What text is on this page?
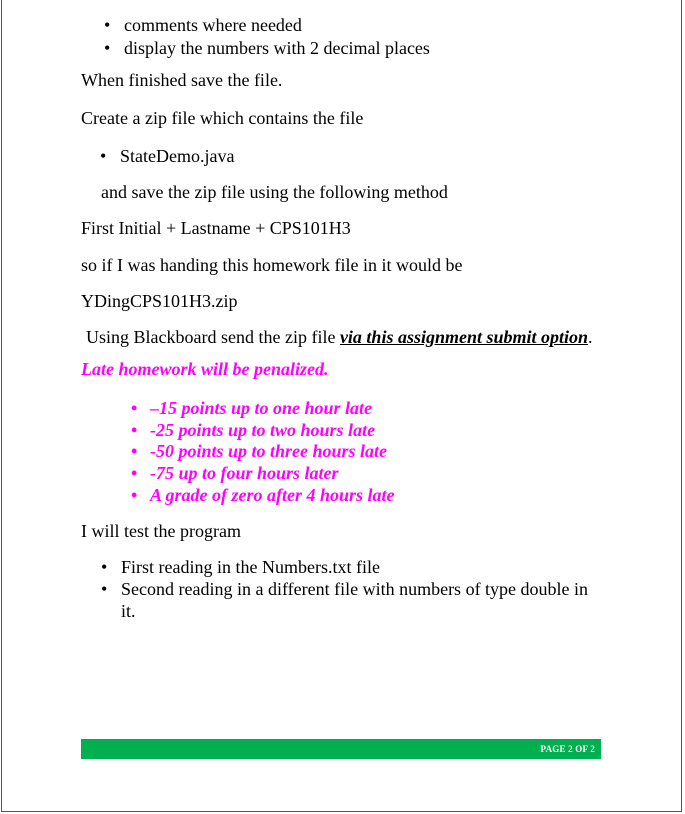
• comments where needed
• display the numbers with 2 decimal places
When finished save the file.
Create a zip file which contains the file
• StateDemo.java
and save the zip file using the following method
First Initial + Lastname + CPS101H3
so if I was handing this homework file in it would be
YDingCPS101H3.zip
Using Blackboard send the zip file via this assignment submit option.
Late homework will be penalized.
• –15 points up to one hour late
• -25 points up to two hours late
• -50 points up to three hours late
• -75 up to four hours later
• A grade of zero after 4 hours late
I will test the program
• First reading in the Numbers.txt file
• Second reading in a different file with numbers of type double in
it.
PAGE 2 OF 2
